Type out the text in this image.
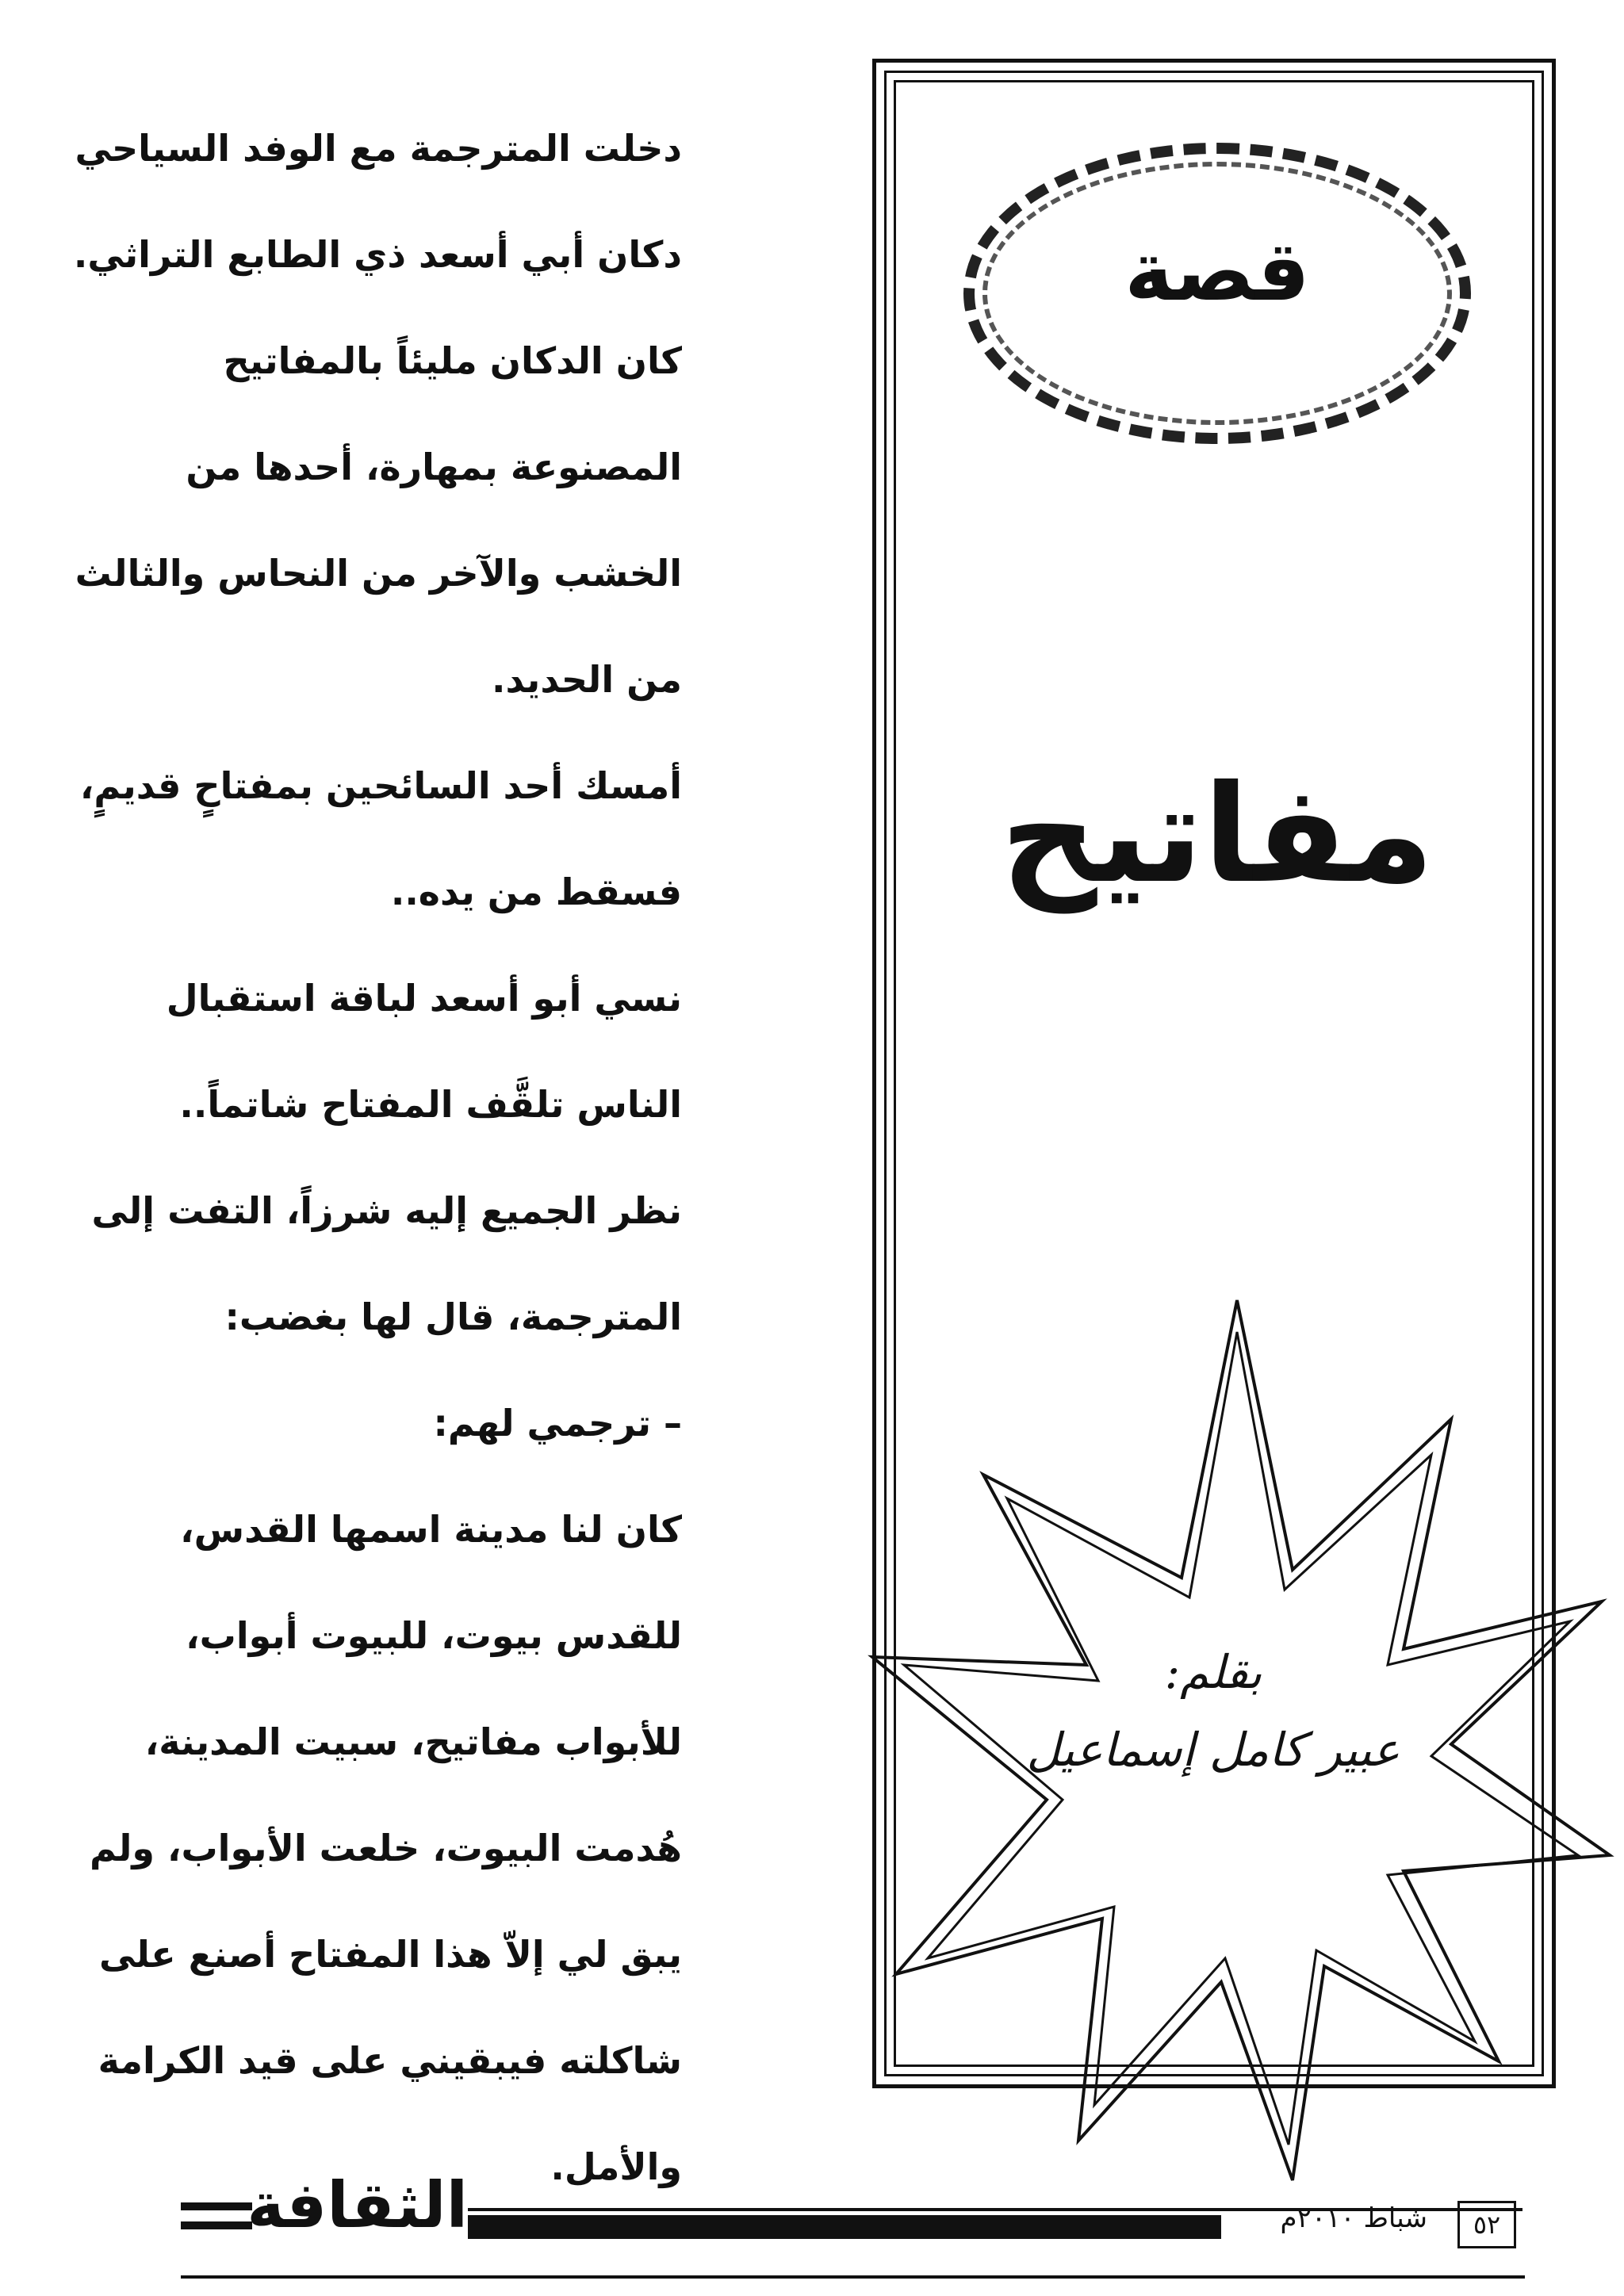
قصة
مفاتيح
بقلم:
عبير كامل إسماعيل

دخلت المترجمة مع الوفد السياحي دكان أبي أسعد ذي الطابع التراثي.

كان الدكان مليئاً بالمفاتيح المصنوعة بمهارة، أحدها من الخشب والآخر من النحاس والثالث من الحديد.

أمسك أحد السائحين بمفتاحٍ قديمٍ، فسقط من يده..

نسي أبو أسعد لباقة استقبال الناس تلقَّف المفتاح شاتماً..

نظر الجميع إليه شرزاً، التفت إلى المترجمة، قال لها بغضب:

– ترجمي لهم:

كان لنا مدينة اسمها القدس، للقدس بيوت، للبيوت أبواب، للأبواب مفاتيح، سبيت المدينة، هُدمت البيوت، خلعت الأبواب، ولم يبق لي إلاّ هذا المفتاح أصنع على شاكلته فيبقيني على قيد الكرامة والأمل.

الثقافة	شباط ٢٠١٠م	٥٢
